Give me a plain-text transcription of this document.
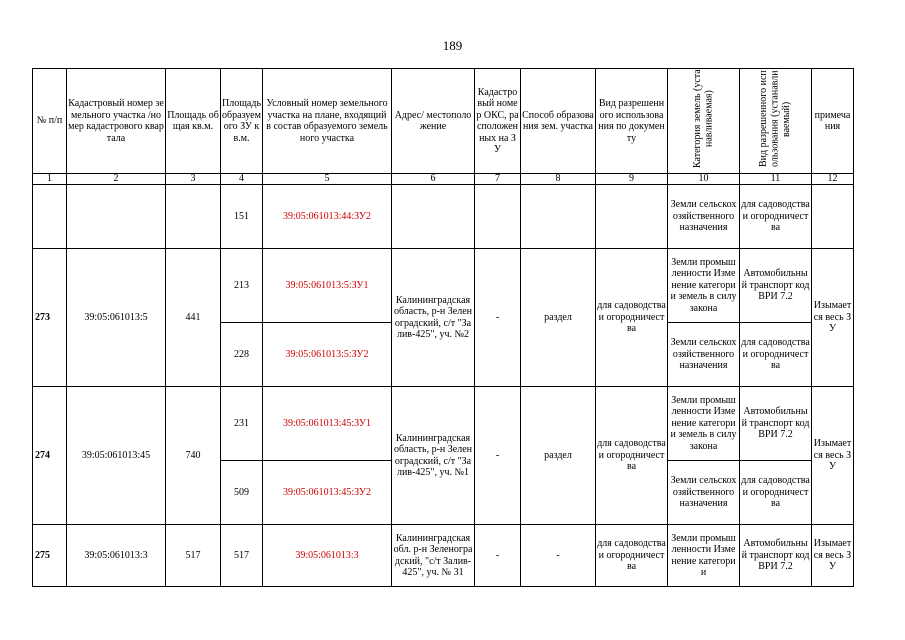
189
№ п/п	Кадастровый номер земельного участка /номер кадастрового квартала	Площадь общая кв.м.	Площадь образуемого ЗУ кв.м.	Условный номер земельного участка на плане, входящий в состав образуемого земельного участка	Адрес/ местоположение	Кадастровый номер ОКС, расположенных на ЗУ	Способ образования зем. участка	Вид разрешенного использования по документу	Категория земель (устанавливаемая)	Вид разрешенного использования (устанавливаемый)	примечания
1	2	3	4	5	6	7	8	9	10	11	12
			151	39:05:061013:44:ЗУ2					Земли сельскохозяйственного назначения	для садоводства и огородничества	
273	39:05:061013:5	441	213	39:05:061013:5:ЗУ1	Калининградская область, р-н Зеленоградский, с/т "Залив-425", уч. №2	-	раздел	для садоводства и огородничества	Земли промышленности Изменение категории земель в силу закона	Автомобильный транспорт код ВРИ 7.2	Изымается весь ЗУ
			228	39:05:061013:5:ЗУ2					Земли сельскохозяйственного назначения	для садоводства и огородничества	
274	39:05:061013:45	740	231	39:05:061013:45:ЗУ1	Калининградская область, р-н Зеленоградский, с/т "Залив-425", уч. №1	-	раздел	для садоводства и огородничества	Земли промышленности Изменение категории земель в силу закона	Автомобильный транспорт код ВРИ 7.2	Изымается весь ЗУ
			509	39:05:061013:45:ЗУ2					Земли сельскохозяйственного назначения	для садоводства и огородничества	
275	39:05:061013:3	517	517	39:05:061013:3	Калининградская обл. р-н Зеленоградский, "с/т Залив-425", уч. № 31	-	-	для садоводства и огородничества	Земли промышленности Изменение категории	Автомобильный транспорт код ВРИ 7.2	Изымается весь ЗУ
